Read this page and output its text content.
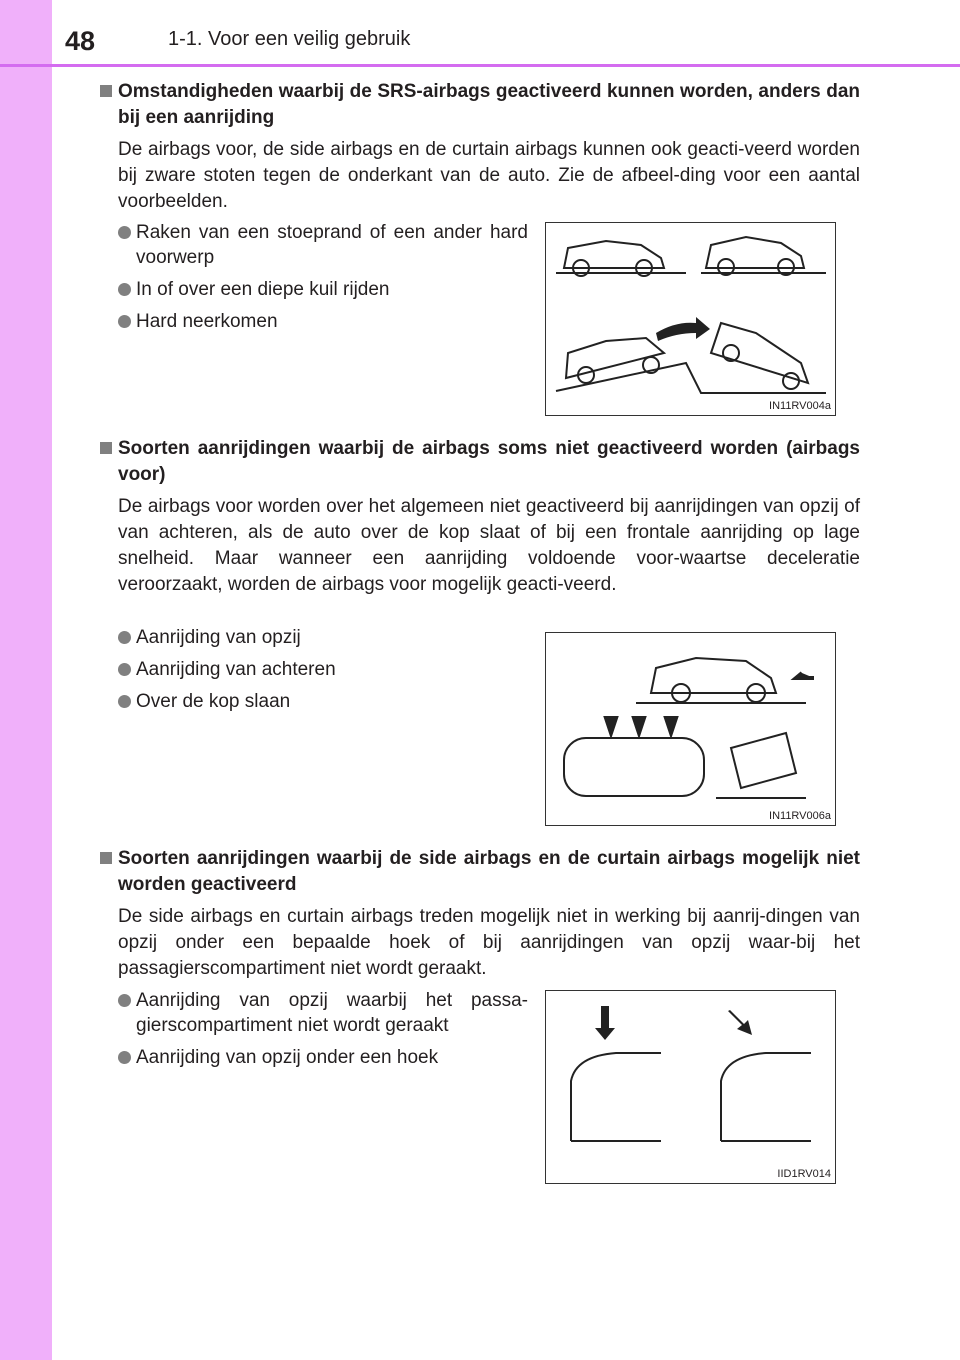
48	1-1. Voor een veilig gebruik
Omstandigheden waarbij de SRS-airbags geactiveerd kunnen worden, anders dan bij een aanrijding
De airbags voor, de side airbags en de curtain airbags kunnen ook geacti-veerd worden bij zware stoten tegen de onderkant van de auto. Zie de afbeel-ding voor een aantal voorbeelden.
Raken van een stoeprand of een ander hard voorwerp
In of over een diepe kuil rijden
Hard neerkomen
IN11RV004a
Soorten aanrijdingen waarbij de airbags soms niet geactiveerd worden (airbags voor)
De airbags voor worden over het algemeen niet geactiveerd bij aanrijdingen van opzij of van achteren, als de auto over de kop slaat of bij een frontale aanrijding op lage snelheid. Maar wanneer een aanrijding voldoende voor-waartse deceleratie veroorzaakt, worden de airbags voor mogelijk geacti-veerd.
Aanrijding van opzij
Aanrijding van achteren
Over de kop slaan
IN11RV006a
Soorten aanrijdingen waarbij de side airbags en de curtain airbags mogelijk niet worden geactiveerd
De side airbags en curtain airbags treden mogelijk niet in werking bij aanrij-dingen van opzij onder een bepaalde hoek of bij aanrijdingen van opzij waar-bij het passagierscompartiment niet wordt geraakt.
Aanrijding van opzij waarbij het passa-gierscompartiment niet wordt geraakt
Aanrijding van opzij onder een hoek
IID1RV014
